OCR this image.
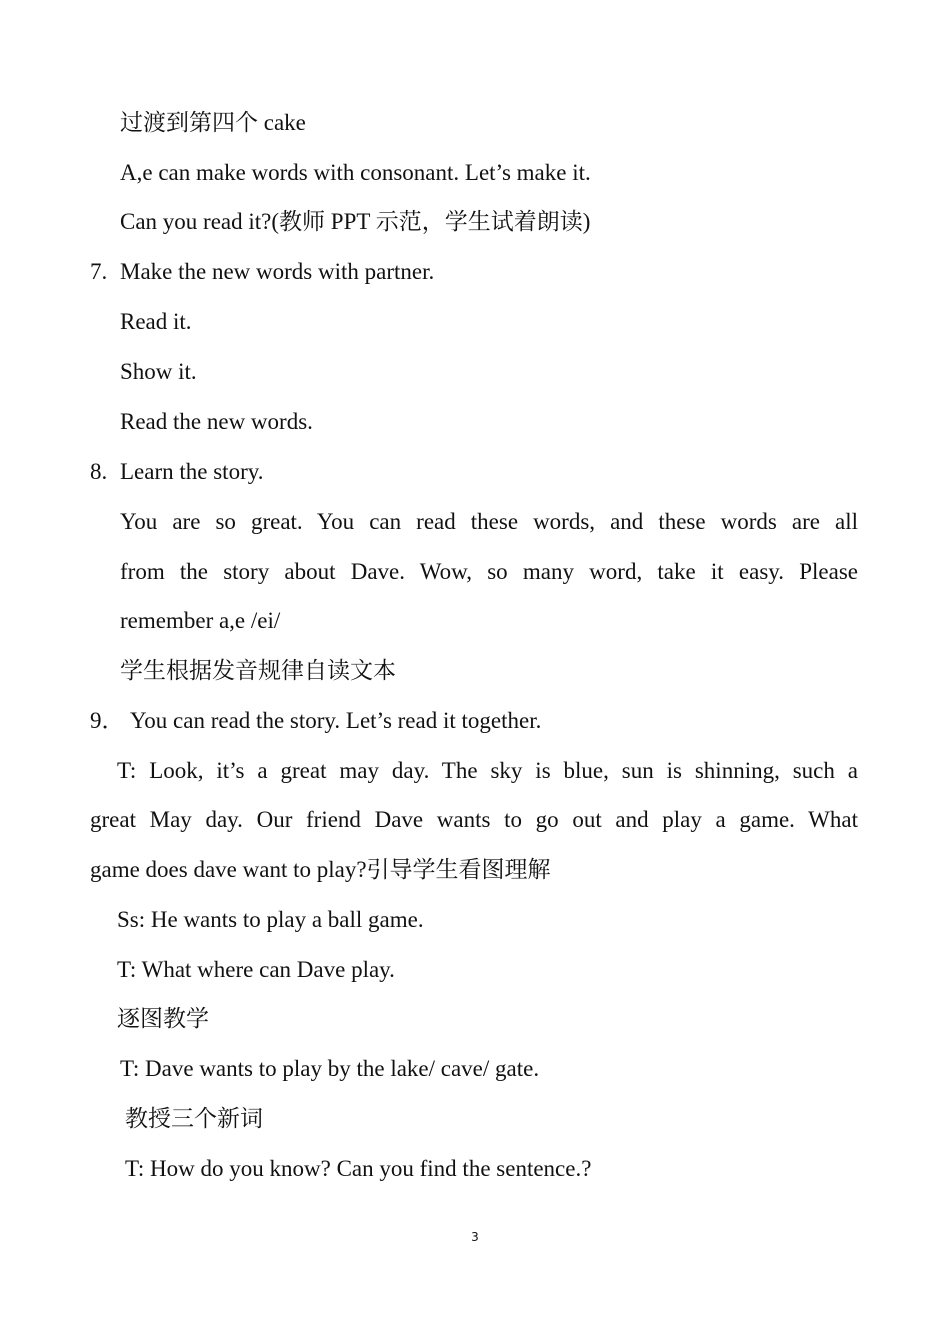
过渡到第四个 cake
A,e can make words with consonant. Let’s make it.
Can you read it?(教师 PPT 示范，学生试着朗读)
7. Make the new words with partner.
Read it.
Show it.
Read the new words.
8. Learn the story.
You are so great. You can read these words, and these words are all
from the story about Dave. Wow, so many word, take it easy. Please
remember a,e /ei/
学生根据发音规律自读文本
9． You can read the story. Let’s read it together.
T: Look, it’s a great may day. The sky is blue, sun is shinning, such a
great May day. Our friend Dave wants to go out and play a game. What
game does dave want to play?引导学生看图理解
Ss: He wants to play a ball game.
T: What where can Dave play.
逐图教学
T: Dave wants to play by the lake/ cave/ gate.
教授三个新词
T: How do you know? Can you find the sentence.?
3
